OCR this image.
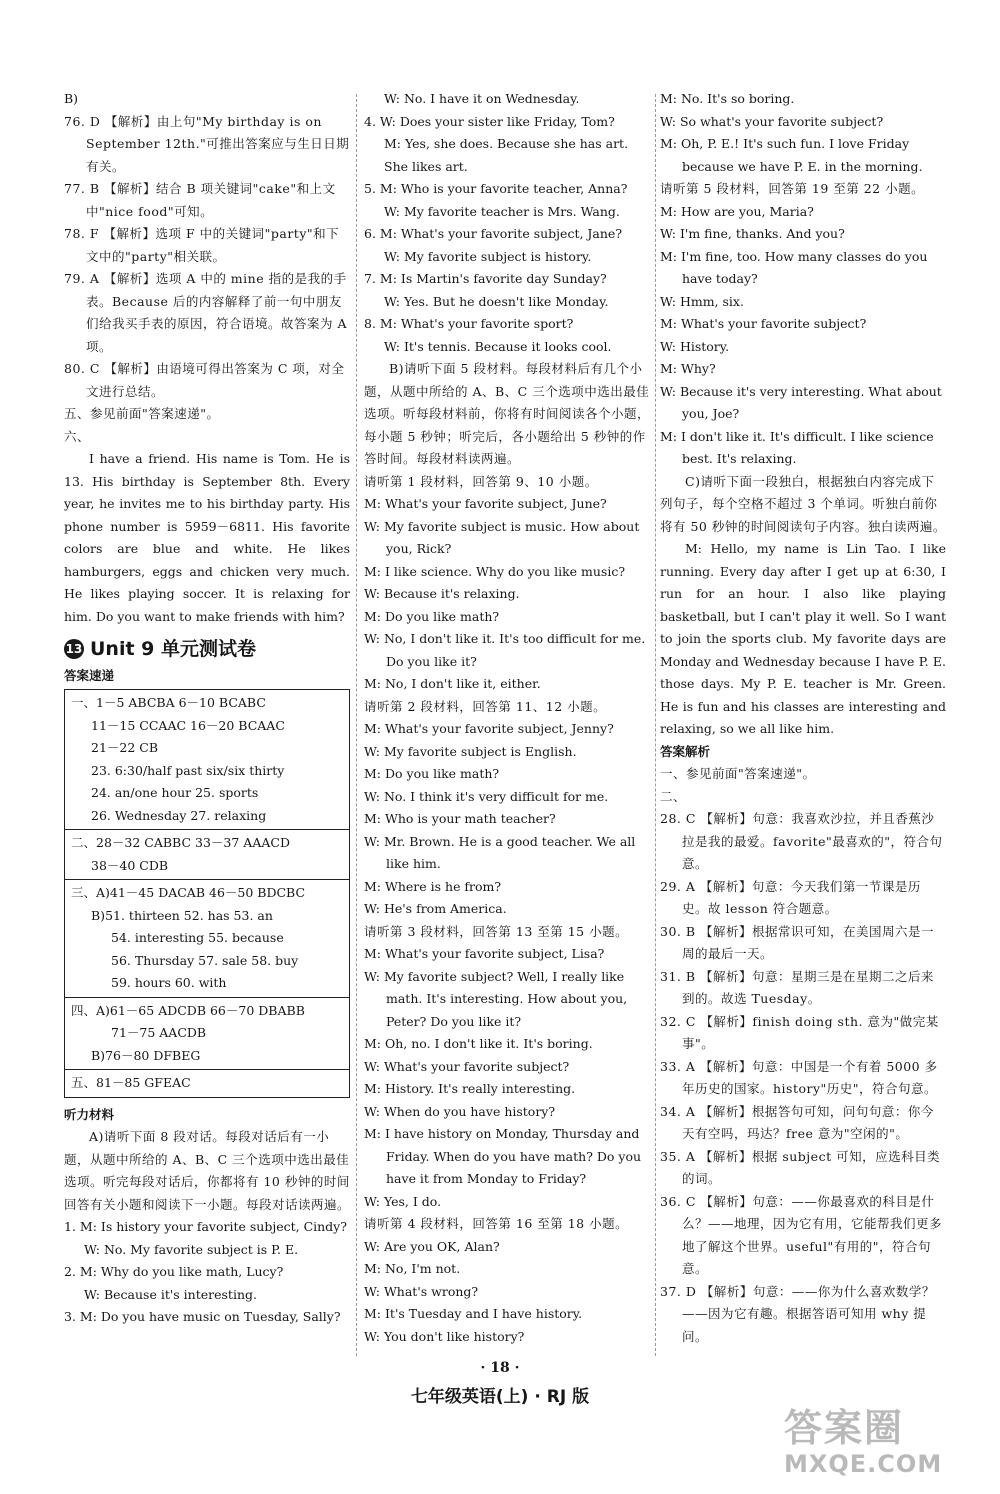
B)

76. D 【解析】由上句"My birthday is on September 12th."可推出答案应与生日日期有关。

77. B 【解析】结合 B 项关键词"cake"和上文中"nice food"可知。

78. F 【解析】选项 F 中的关键词"party"和下文中的"party"相关联。

79. A 【解析】选项 A 中的 mine 指的是我的手表。Because 后的内容解释了前一句中朋友们给我买手表的原因，符合语境。故答案为 A 项。

80. C 【解析】由语境可得出答案为 C 项，对全文进行总结。

五、参见前面"答案速递"。

六、

I have a friend. His name is Tom. He is 13. His birthday is September 8th. Every year, he invites me to his birthday party. His phone number is 5959－6811. His favorite colors are blue and white. He likes hamburgers, eggs and chicken very much. He likes playing soccer. It is relaxing for him. Do you want to make friends with him?

13 Unit 9 单元测试卷
答案速递

一、1－5 ABCBA 6－10 BCABC

11－15 CCAAC 16－20 BCAAC

21－22 CB

23. 6:30/half past six/six thirty

24. an/one hour 25. sports

26. Wednesday 27. relaxing

二、28－32 CABBC 33－37 AAACD

38－40 CDB

三、A)41－45 DACAB 46－50 BDCBC

B)51. thirteen 52. has 53. an

54. interesting 55. because

56. Thursday 57. sale 58. buy

59. hours 60. with

四、A)61－65 ADCDB 66－70 DBABB

71－75 AACDB

B)76－80 DFBEG

五、81－85 GFEAC

听力材料

A)请听下面 8 段对话。每段对话后有一小题，从题中所给的 A、B、C 三个选项中选出最佳选项。听完每段对话后，你都将有 10 秒钟的时间回答有关小题和阅读下一小题。每段对话读两遍。

1. M: Is history your favorite subject, Cindy?

W: No. My favorite subject is P. E.

2. M: Why do you like math, Lucy?

W: Because it's interesting.

3. M: Do you have music on Tuesday, Sally?

W: No. I have it on Wednesday.

4. W: Does your sister like Friday, Tom?

M: Yes, she does. Because she has art. She likes art.

5. M: Who is your favorite teacher, Anna?

W: My favorite teacher is Mrs. Wang.

6. M: What's your favorite subject, Jane?

W: My favorite subject is history.

7. M: Is Martin's favorite day Sunday?

W: Yes. But he doesn't like Monday.

8. M: What's your favorite sport?

W: It's tennis. Because it looks cool.

B)请听下面 5 段材料。每段材料后有几个小题，从题中所给的 A、B、C 三个选项中选出最佳选项。听每段材料前，你将有时间阅读各个小题，每小题 5 秒钟；听完后，各小题给出 5 秒钟的作答时间。每段材料读两遍。

请听第 1 段材料，回答第 9、10 小题。

M: What's your favorite subject, June?

W: My favorite subject is music. How about you, Rick?

M: I like science. Why do you like music?

W: Because it's relaxing.

M: Do you like math?

W: No, I don't like it. It's too difficult for me. Do you like it?

M: No, I don't like it, either.

请听第 2 段材料，回答第 11、12 小题。

M: What's your favorite subject, Jenny?

W: My favorite subject is English.

M: Do you like math?

W: No. I think it's very difficult for me.

M: Who is your math teacher?

W: Mr. Brown. He is a good teacher. We all like him.

M: Where is he from?

W: He's from America.

请听第 3 段材料，回答第 13 至第 15 小题。

M: What's your favorite subject, Lisa?

W: My favorite subject? Well, I really like math. It's interesting. How about you, Peter? Do you like it?

M: Oh, no. I don't like it. It's boring.

W: What's your favorite subject?

M: History. It's really interesting.

W: When do you have history?

M: I have history on Monday, Thursday and Friday. When do you have math? Do you have it from Monday to Friday?

W: Yes, I do.

请听第 4 段材料，回答第 16 至第 18 小题。

W: Are you OK, Alan?

M: No, I'm not.

W: What's wrong?

M: It's Tuesday and I have history.

W: You don't like history?

M: No. It's so boring.

W: So what's your favorite subject?

M: Oh, P. E.! It's such fun. I love Friday because we have P. E. in the morning.

请听第 5 段材料，回答第 19 至第 22 小题。

M: How are you, Maria?

W: I'm fine, thanks. And you?

M: I'm fine, too. How many classes do you have today?

W: Hmm, six.

M: What's your favorite subject?

W: History.

M: Why?

W: Because it's very interesting. What about you, Joe?

M: I don't like it. It's difficult. I like science best. It's relaxing.

C)请听下面一段独白，根据独白内容完成下列句子，每个空格不超过 3 个单词。听独白前你将有 50 秒钟的时间阅读句子内容。独白读两遍。

M: Hello, my name is Lin Tao. I like running. Every day after I get up at 6:30, I run for an hour. I also like playing basketball, but I can't play it well. So I want to join the sports club. My favorite days are Monday and Wednesday because I have P. E. those days. My P. E. teacher is Mr. Green. He is fun and his classes are interesting and relaxing, so we all like him.

答案解析

一、参见前面"答案速递"。

二、

28. C 【解析】句意：我喜欢沙拉，并且香蕉沙拉是我的最爱。favorite"最喜欢的"，符合句意。

29. A 【解析】句意：今天我们第一节课是历史。故 lesson 符合题意。

30. B 【解析】根据常识可知，在美国周六是一周的最后一天。

31. B 【解析】句意：星期三是在星期二之后来到的。故选 Tuesday。

32. C 【解析】finish doing sth. 意为"做完某事"。

33. A 【解析】句意：中国是一个有着 5000 多年历史的国家。history"历史"，符合句意。

34. A 【解析】根据答句可知，问句句意：你今天有空吗，玛达？free 意为"空闲的"。

35. A 【解析】根据 subject 可知，应选科目类的词。

36. C 【解析】句意：——你最喜欢的科目是什么？——地理，因为它有用，它能帮我们更多地了解这个世界。useful"有用的"，符合句意。

37. D 【解析】句意：——你为什么喜欢数学？——因为它有趣。根据答语可知用 why 提问。

· 18 ·
七年级英语(上) · RJ 版
答案圈
MXQE.COM
